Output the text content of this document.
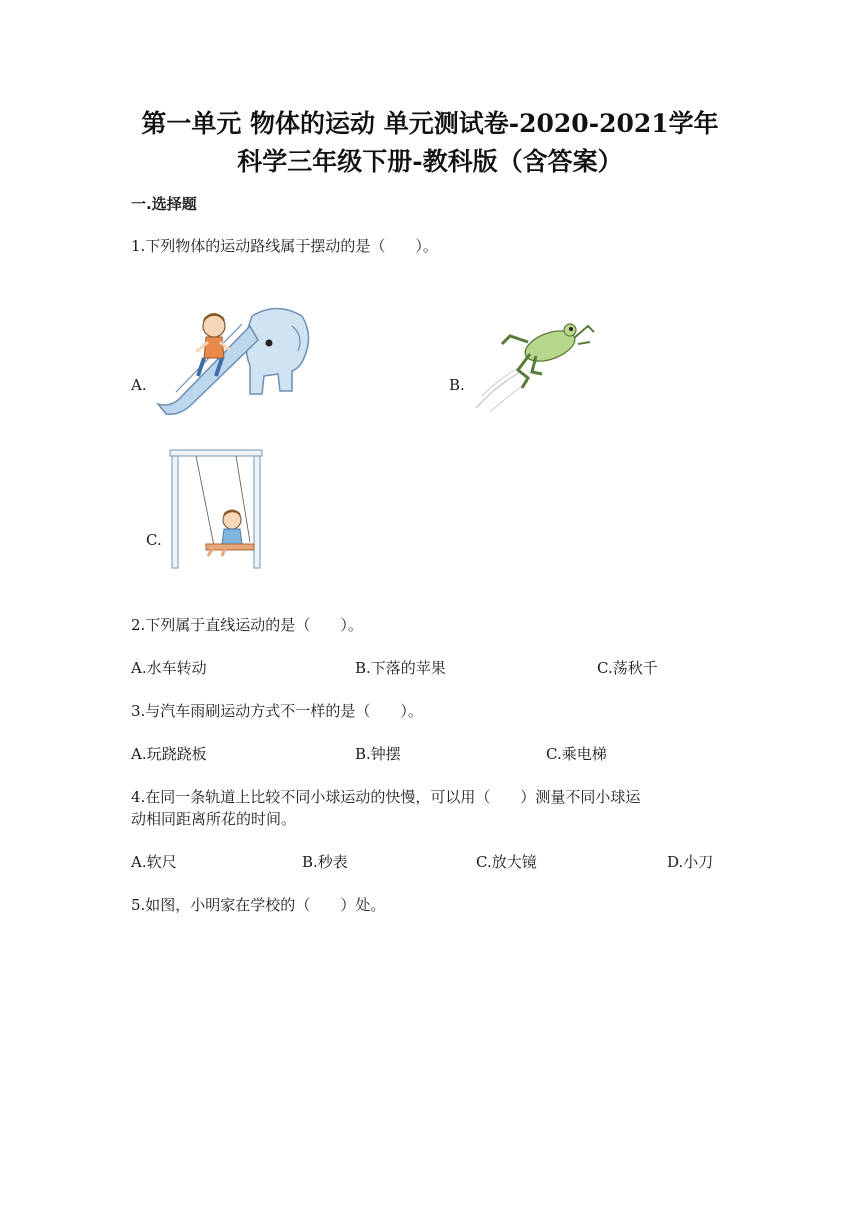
第一单元 物体的运动 单元测试卷-2020-2021学年
科学三年级下册-教科版（含答案）
一.选择题
1.下列物体的运动路线属于摆动的是（　　）。
A.	B.
C.
2.下列属于直线运动的是（　　）。
A.水车转动	B.下落的苹果	C.荡秋千
3.与汽车雨刷运动方式不一样的是（　　）。
A.玩跷跷板	B.钟摆	C.乘电梯
4.在同一条轨道上比较不同小球运动的快慢，可以用（　　）测量不同小球运
动相同距离所花的时间。
A.软尺	B.秒表	C.放大镜	D.小刀
5.如图，小明家在学校的（　　）处。
